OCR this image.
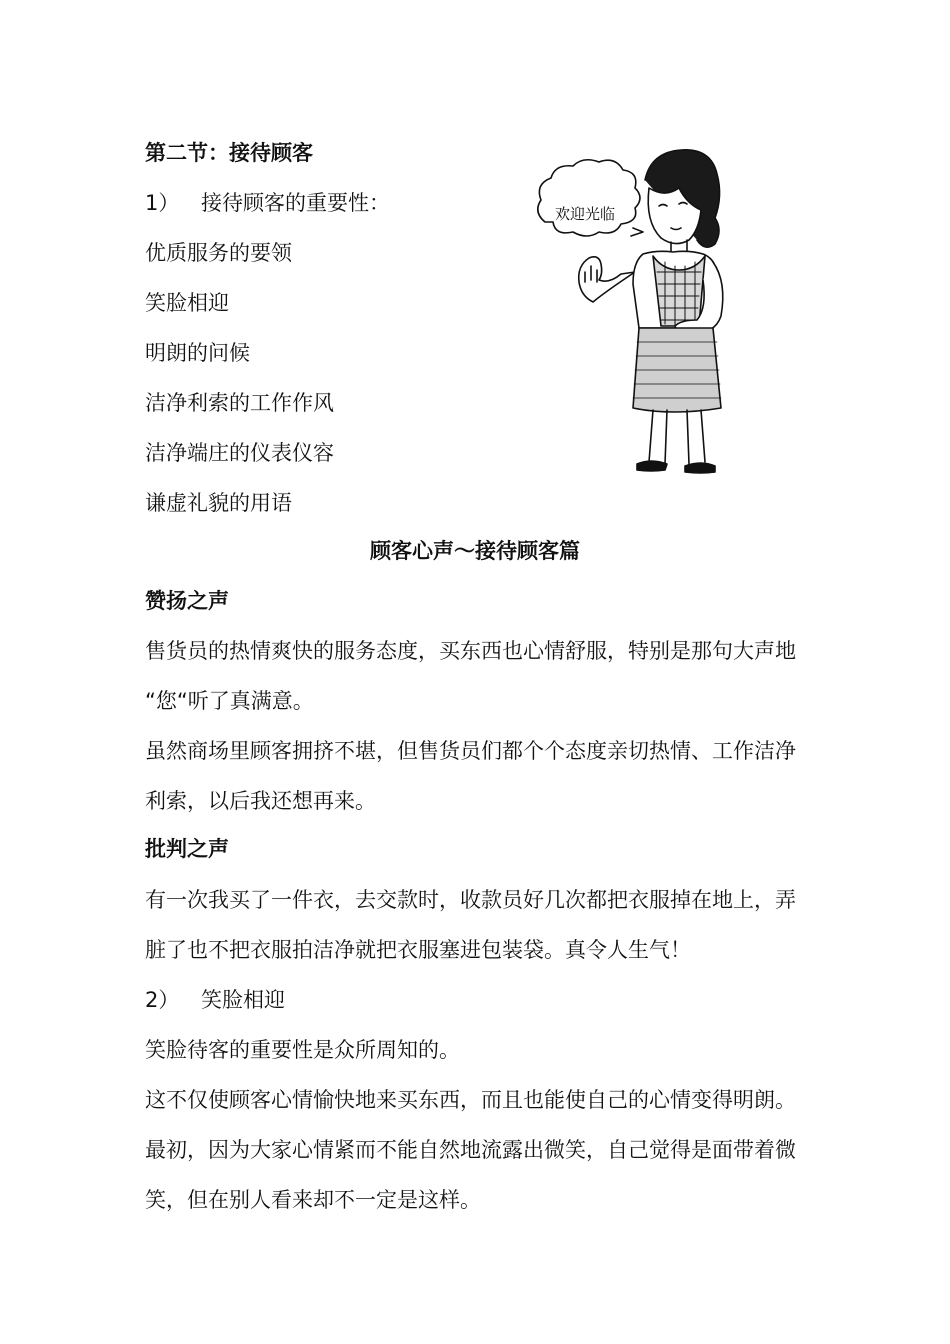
第二节：接待顾客
1） 接待顾客的重要性：
优质服务的要领
笑脸相迎
明朗的问候
洁净利索的工作作风
洁净端庄的仪表仪容
谦虚礼貌的用语
欢迎光临
顾客心声～接待顾客篇
赞扬之声
售货员的热情爽快的服务态度，买东西也心情舒服，特别是那句大声地
“您“听了真满意。
虽然商场里顾客拥挤不堪，但售货员们都个个态度亲切热情、工作洁净
利索，以后我还想再来。
批判之声
有一次我买了一件衣，去交款时，收款员好几次都把衣服掉在地上，弄
脏了也不把衣服拍洁净就把衣服塞进包装袋。真令人生气！
2） 笑脸相迎
笑脸待客的重要性是众所周知的。
这不仅使顾客心情愉快地来买东西，而且也能使自己的心情变得明朗。
最初，因为大家心情紧而不能自然地流露出微笑，自己觉得是面带着微
笑，但在别人看来却不一定是这样。
